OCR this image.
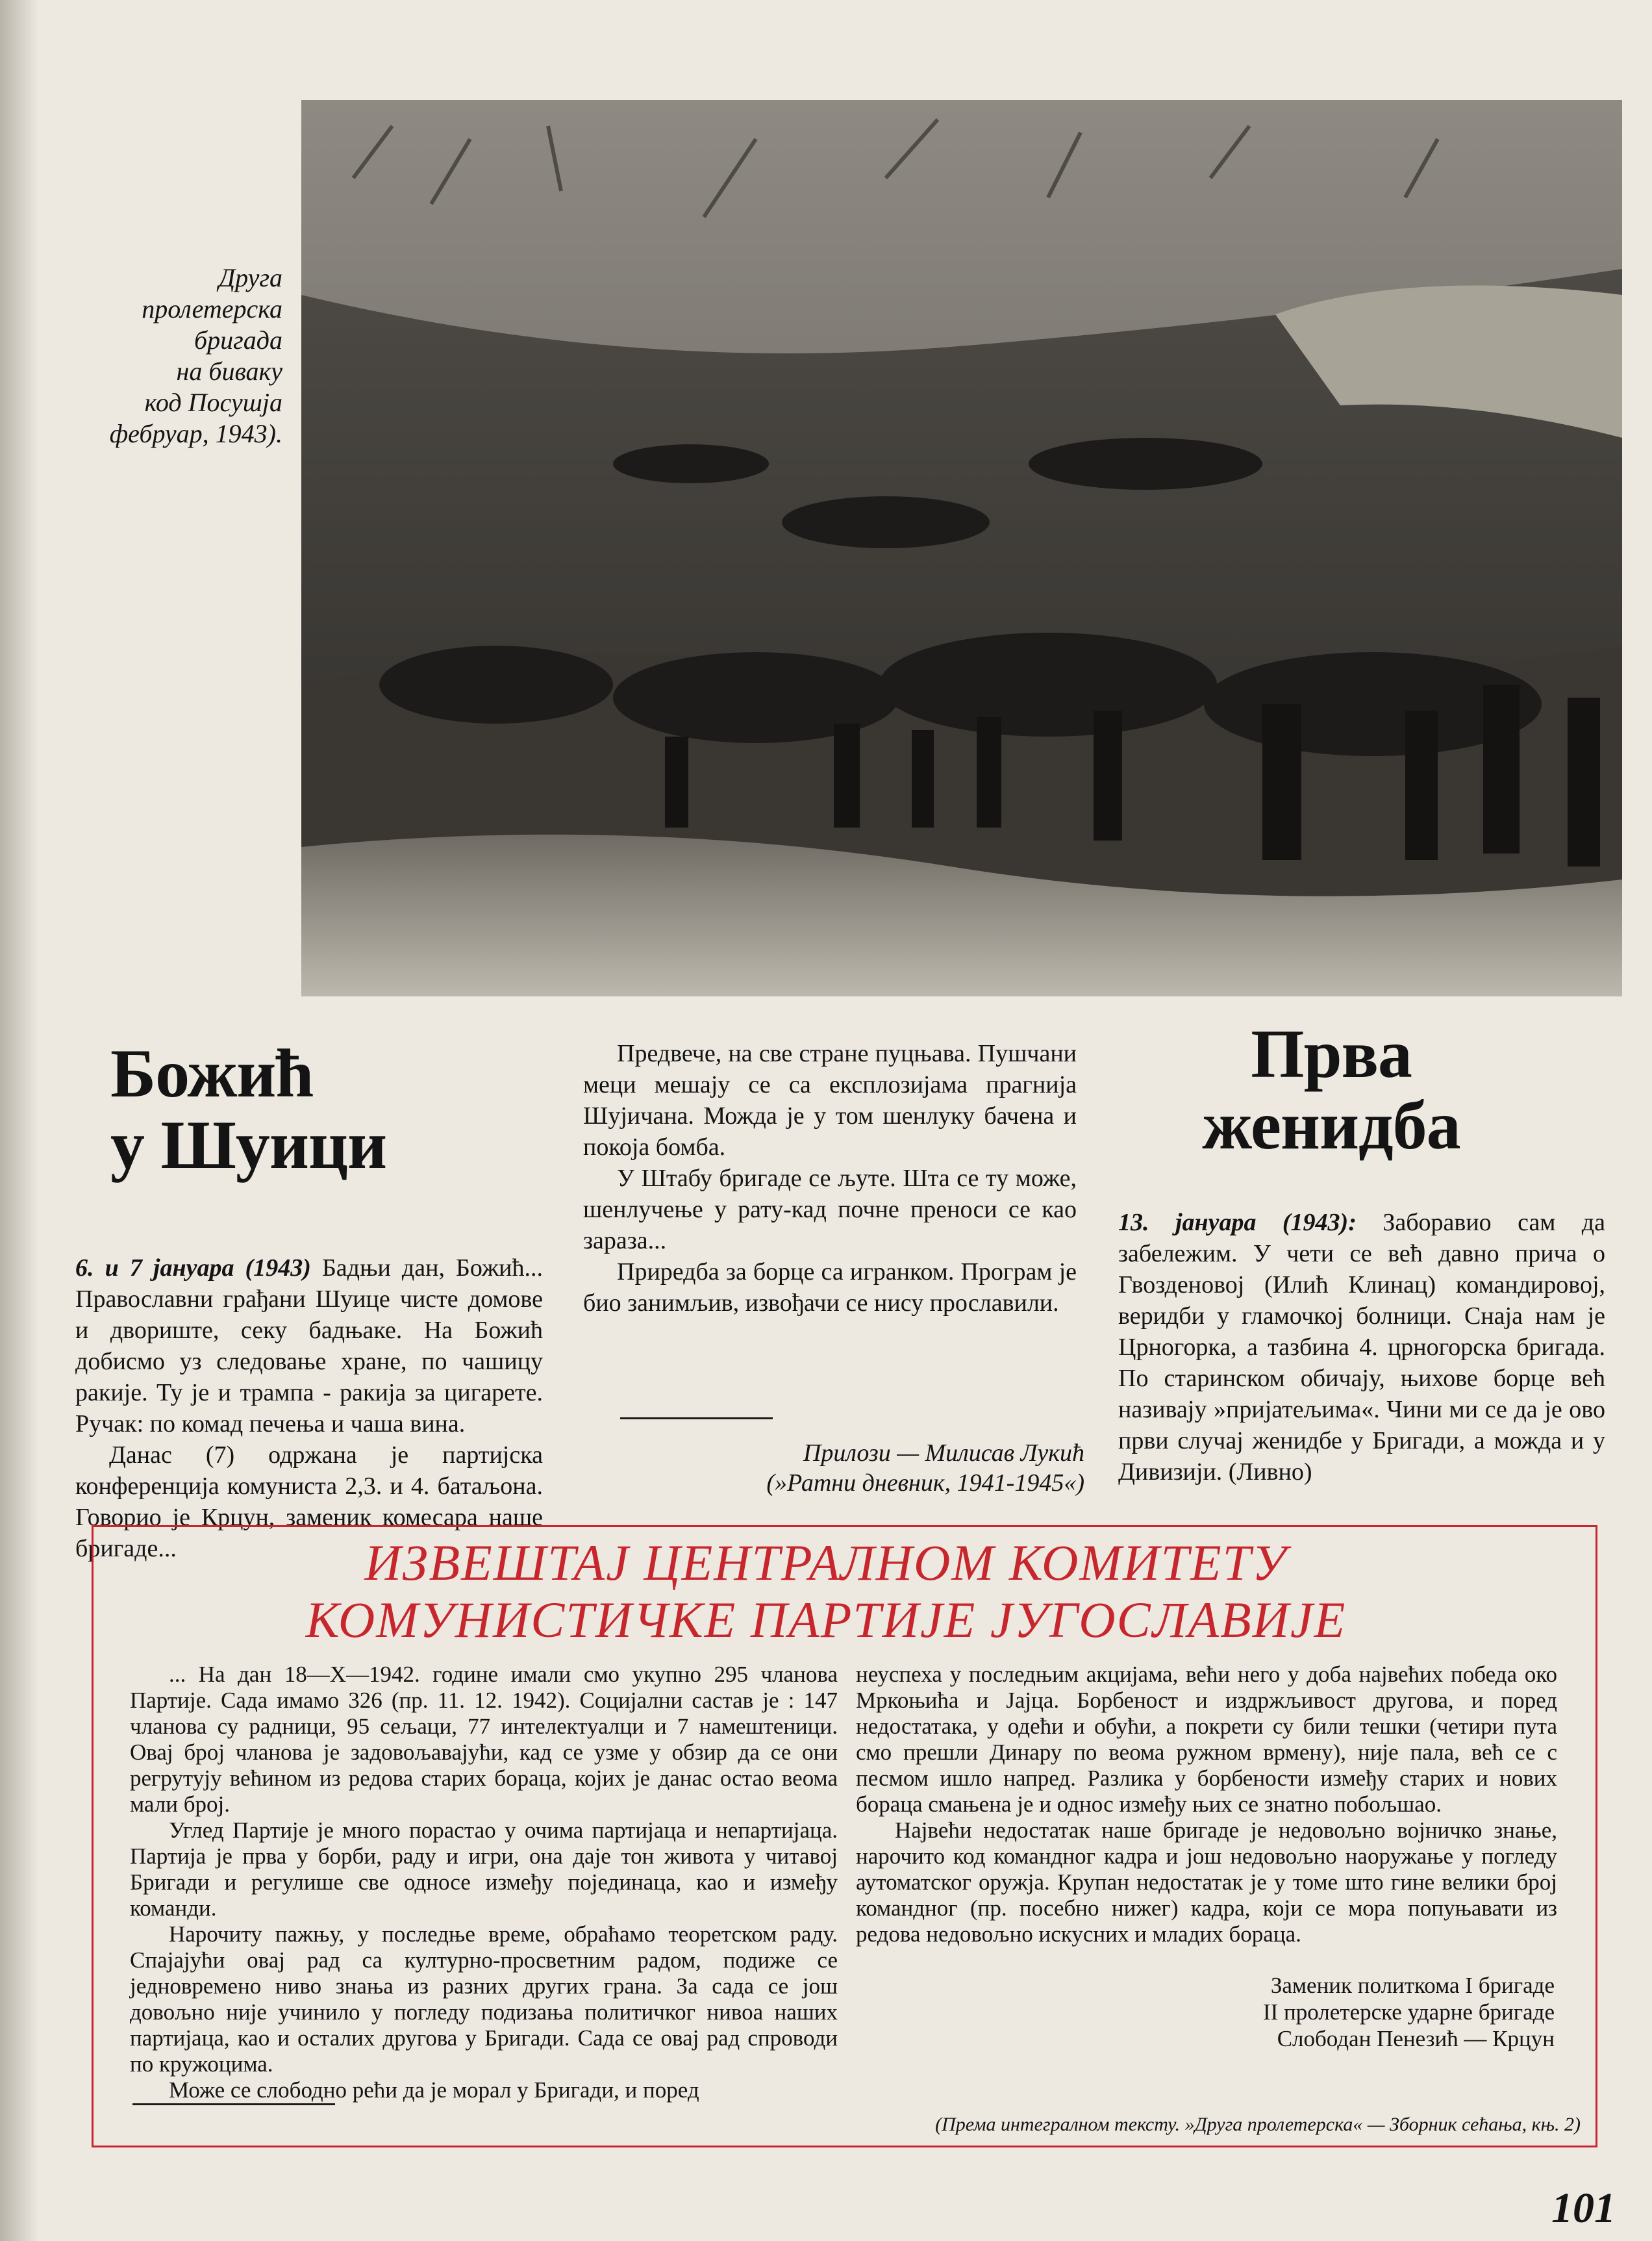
Друга
пролетерска
бригада
на бивакy
код Посушја
фебруар, 1943).
Божић
у Шуици

6. и 7 јануара (1943) Бадњи дан, Божић... Православни грађани Шуице чисте домове и двориште, секу бадњаке. На Божић добисмо уз следовање хране, по чашицу ракије. Ту је и трампа - ракија за цигарете. Ручак: по комад печења и чаша вина.

Данас (7) одржана је партијска конференција комуниста 2,3. и 4. батаљона. Говорио је Крцун, заменик комесара наше бригаде...

Предвече, на све стране пуцњава. Пушчани меци мешају се са експлозијама прагнија Шујичана. Можда је у том шенлуку бачена и покоја бомба.

У Штабу бригаде се љуте. Шта се ту може, шенлучење у рату-кад почне преноси се као зараза...

Приредба за борце са игранком. Програм је био занимљив, извођачи се нису прославили.

Прилози — Милисав Лукић
(»Ратни дневник, 1941-1945«)
Прва
женидба

13. јануара (1943): Заборавио сам да забележим. У чети се већ давно прича о Гвозденовој (Илић Клинац) командировој, веридби у гламочкој болници. Снаја нам је Црногорка, а тазбина 4. црногорска бригада. По старинском обичају, њихове борце већ називају »пријатељима«. Чини ми се да је ово први случај женидбе у Бригади, а можда и у Дивизији. (Ливно)

ИЗВЕШТАЈ ЦЕНТРАЛНОМ КОМИТЕТУ
КОМУНИСТИЧКЕ ПАРТИЈЕ ЈУГОСЛАВИЈЕ

... На дан 18—X—1942. године имали смо укупно 295 чланова Партије. Сада имамо 326 (пр. 11. 12. 1942). Социјални састав је : 147 чланова су радници, 95 сељаци, 77 интелектуалци и 7 намештеници. Овај број чланова је задовољавајући, кад се узме у обзир да се они регрутују већином из редова старих бораца, којих је данас остао веома мали број.

Углед Партије је много порастао у очима партијаца и непартијаца. Партија је прва у борби, раду и игри, она даје тон живота у читавој Бригади и регулише све односе између појединаца, као и између команди.

Нарочиту пажњу, у последње време, обраћамо теоретском раду. Спајајући овај рад са културно-просветним радом, подиже се једновремено ниво знања из разних других грана. За сада се још довољно није учинило у погледу подизања политичког нивоа наших партијаца, као и осталих другова у Бригади. Сада се овај рад спроводи по кружоцима.

Може се слободно рећи да је морал у Бригади, и поред

неуспеха у последњим акцијама, већи него у доба највећих победа око Мркоњића и Јајца. Борбеност и издржљивост другова, и поред недостатака, у одећи и обући, а покрети су били тешки (четири пута смо прешли Динару по веома ружном врмену), није пала, већ се с песмом ишло напред. Разлика у борбености између старих и нових бораца смањена је и однос између њих се знатно побољшао.

Највећи недостатак наше бригаде је недовољно војничко знање, нарочито код командног кадра и још недовољно наоружање у погледу аутоматског оружја. Крупан недостатак је у томе што гине велики број командног (пр. посебно нижег) кадра, који се мора попуњавати из редова недовољно искусних и младих бораца.

Заменик политкома I бригаде
II пролетерске ударне бригаде
Слободан Пенезић — Крцун
(Према интегралном тексту. »Друга пролетерска« — Зборник сећања, књ. 2)
101
